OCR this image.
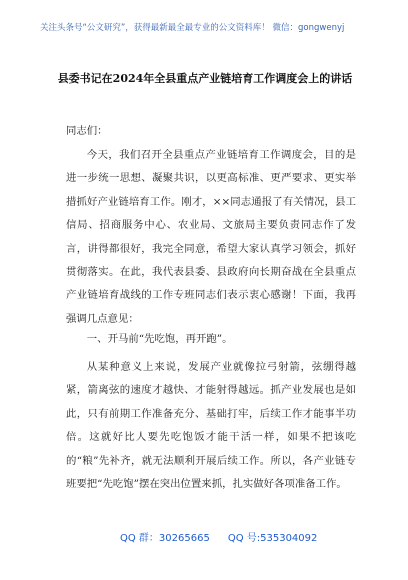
关注头条号“公文研究”，获得最新最全最专业的公文资料库！ 微信：gongwenyj
县委书记在2024年全县重点产业链培育工作调度会上的讲话

同志们：

今天，我们召开全县重点产业链培育工作调度会，目的是进一步统一思想、凝聚共识，以更高标准、更严要求、更实举措抓好产业链培育工作。刚才，××同志通报了有关情况，县工信局、招商服务中心、农业局、文旅局主要负责同志作了发言，讲得都很好，我完全同意，希望大家认真学习领会，抓好贯彻落实。在此，我代表县委、县政府向长期奋战在全县重点产业链培育战线的工作专班同志们表示衷心感谢！下面，我再强调几点意见：

一、开马前“先吃饱，再开跑”。

从某种意义上来说，发展产业就像拉弓射箭，弦绷得越紧，箭离弦的速度才越快、才能射得越远。抓产业发展也是如此，只有前期工作准备充分、基础打牢，后续工作才能事半功倍。这就好比人要先吃饱饭才能干活一样，如果不把该吃的“粮”先补齐，就无法顺利开展后续工作。所以，各产业链专班要把“先吃饱”摆在突出位置来抓，扎实做好各项准备工作。

QQ 群：30265665 QQ 号:535304092
